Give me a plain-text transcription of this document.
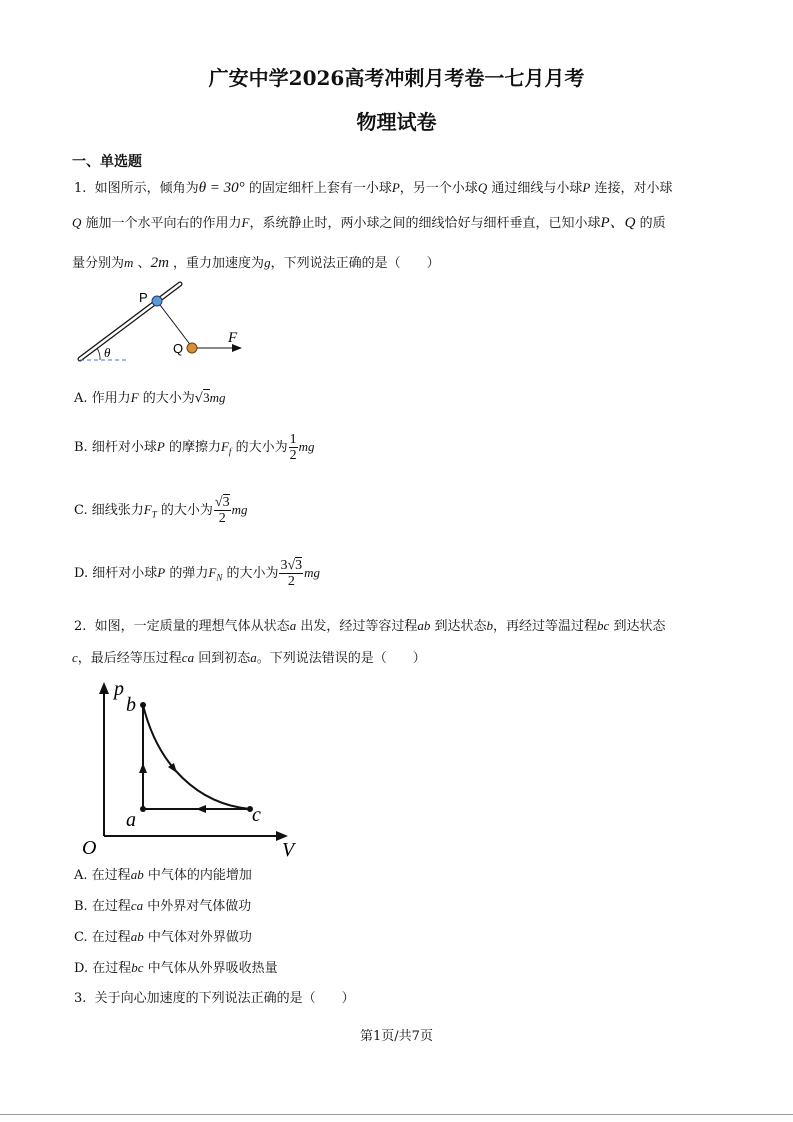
广安中学2026高考冲刺月考卷一七月月考
物理试卷
一、单选题
1. 如图所示，倾角为θ = 30° 的固定细杆上套有一小球P，另一个小球Q 通过细线与小球P 连接，对小球
Q 施加一个水平向右的作用力F，系统静止时，两小球之间的细线恰好与细杆垂直，已知小球P、Q 的质
量分别为m 、2m ，重力加速度为g，下列说法正确的是（　　）
θ
P
Q
F
A. 作用力F 的大小为√3mg
B. 细杆对小球P 的摩擦力$F_f$ 的大小为 $\frac{1}{2}$ mg
C. 细线张力$F_T$ 的大小为 $\frac{√3}{2}$ mg
D. 细杆对小球P 的弹力$F_N$ 的大小为 $\frac{3√3}{2}$ mg
2. 如图，一定质量的理想气体从状态a 出发，经过等容过程ab 到达状态b，再经过等温过程bc 到达状态
c，最后经等压过程ca 回到初态a。下列说法错误的是（　　）
p
V
O
b
a	c
A. 在过程ab 中气体的内能增加
B. 在过程ca 中外界对气体做功
C. 在过程ab 中气体对外界做功
D. 在过程bc 中气体从外界吸收热量
3. 关于向心加速度的下列说法正确的是（　　）
第1页/共7页
